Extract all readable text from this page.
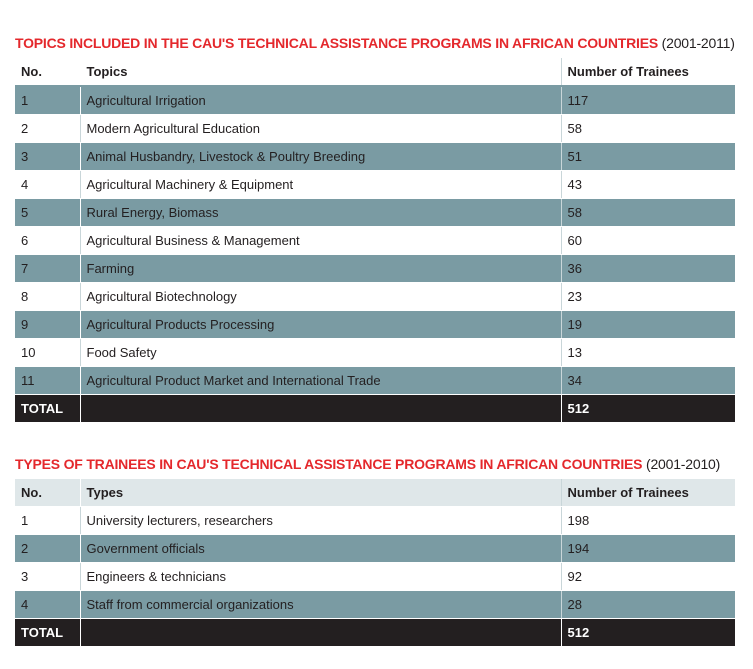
TOPICS INCLUDED IN THE CAU'S TECHNICAL ASSISTANCE PROGRAMS IN AFRICAN COUNTRIES (2001-2011)
No.	Topics	Number of Trainees
1	Agricultural Irrigation	117
2	Modern Agricultural Education	58
3	Animal Husbandry, Livestock & Poultry Breeding	51
4	Agricultural Machinery & Equipment	43
5	Rural Energy, Biomass	58
6	Agricultural Business & Management	60
7	Farming	36
8	Agricultural Biotechnology	23
9	Agricultural Products Processing	19
10	Food Safety	13
11	Agricultural Product Market and International Trade	34
TOTAL		512
TYPES OF TRAINEES IN CAU'S TECHNICAL ASSISTANCE PROGRAMS IN AFRICAN COUNTRIES (2001-2010)
No.	Types	Number of Trainees
1	University lecturers, researchers	198
2	Government officials	194
3	Engineers & technicians	92
4	Staff from commercial organizations	28
TOTAL		512
